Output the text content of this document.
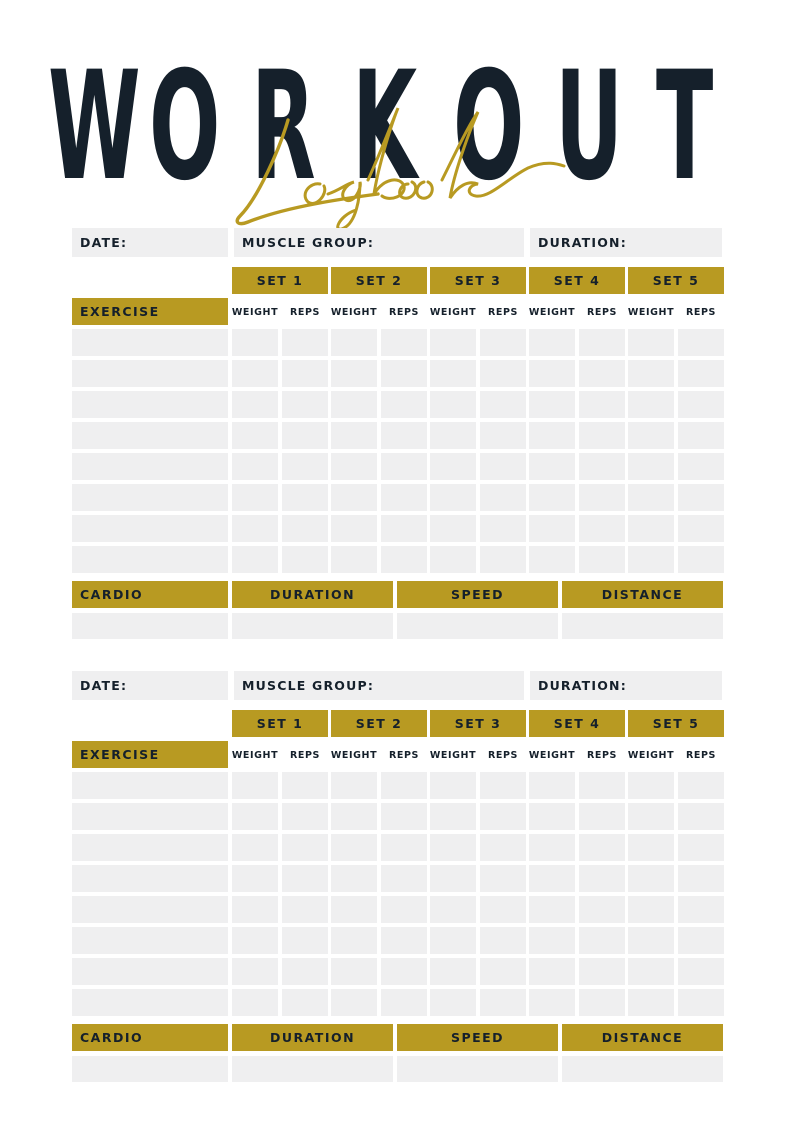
W O R K O U T
DATE:	MUSCLE GROUP:	DURATION:
SET 1	SET 2	SET 3	SET 4	SET 5
EXERCISE	WEIGHT	REPS	WEIGHT	REPS	WEIGHT	REPS	WEIGHT	REPS	WEIGHT	REPS
CARDIO	DURATION	SPEED	DISTANCE
DATE:	MUSCLE GROUP:	DURATION:
SET 1	SET 2	SET 3	SET 4	SET 5
EXERCISE	WEIGHT	REPS	WEIGHT	REPS	WEIGHT	REPS	WEIGHT	REPS	WEIGHT	REPS
CARDIO	DURATION	SPEED	DISTANCE
